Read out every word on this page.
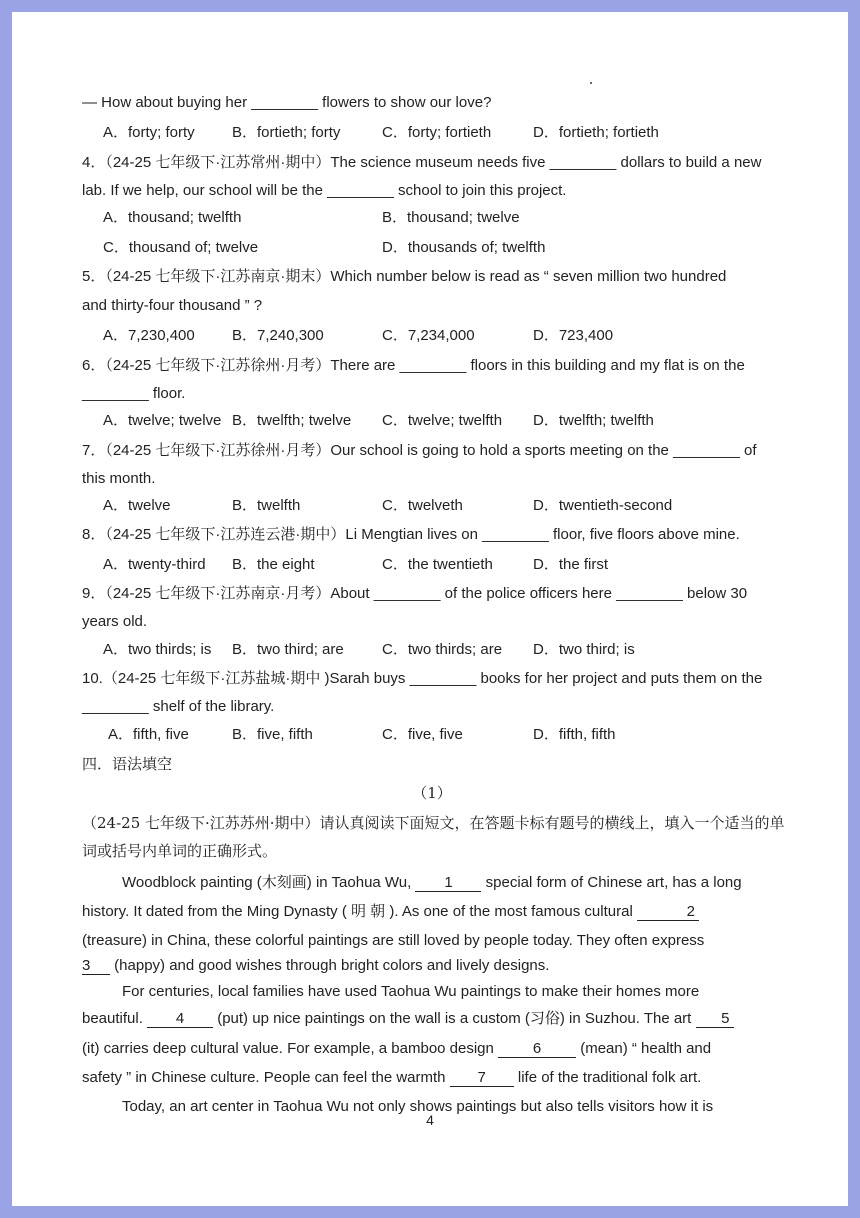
— How about buying her ________ flowers to show our love?
A．forty; forty B．fortieth; forty	C．forty; fortieth	D．fortieth; fortieth
4．（24-25 七年级下·江苏常州·期中）The science museum needs five ________ dollars to build a new
lab. If we help, our school will be the ________ school to join this project.
A．thousand; twelfth	B．thousand; twelve
C．thousand of; twelve	D．thousands of; twelfth
5．（24-25 七年级下·江苏南京·期末）Which number below is read as “ seven million two hundred
and thirty-four thousand ” ?
A．7,230,400 B．7,240,300	C．7,234,000	D．723,400
6．（24-25 七年级下·江苏徐州·月考）There are ________ floors in this building and my flat is on the
________ floor.
A．twelve; twelve B．twelfth; twelve C．twelve; twelfth D．twelfth; twelfth
7．（24-25 七年级下·江苏徐州·月考）Our school is going to hold a sports meeting on the ________ of
this month.
A．twelve	B．twelfth	C．twelveth	D．twentieth-second
8．（24-25 七年级下·江苏连云港·期中）Li Mengtian lives on ________ floor, five floors above mine.
A．twenty-third B．the eight	C．the twentieth	D．the first
9．（24-25 七年级下·江苏南京·月考）About ________ of the police officers here ________ below 30
years old.
A．two thirds; is B．two third; are	C．two thirds; are D．two third; is
10.（24-25 七年级下·江苏盐城·期中 )Sarah buys ________ books for her project and puts them on the
________ shelf of the library.
A．fifth, five	B．five, fifth	C．five, five	D．fifth, fifth
四．语法填空
（1）
（24-25 七年级下·江苏苏州·期中）请认真阅读下面短文，在答题卡标有题号的横线上，填入一个适当的单
词或括号内单词的正确形式。
Woodblock painting (木刻画) in Taohua Wu, 1 special form of Chinese art, has a long
history. It dated from the Ming Dynasty ( 明 朝 ). As one of the most famous cultural	2
(treasure) in China, these colorful paintings are still loved by people today. They often express
3 (happy) and good wishes through bright colors and lively designs.
For centuries, local families have used Taohua Wu paintings to make their homes more
beautiful. 4 (put) up nice paintings on the wall is a custom (习俗) in Suzhou. The art 5
(it) carries deep cultural value. For example, a bamboo design 6 (mean) “ health and
safety ” in Chinese culture. People can feel the warmth 7 life of the traditional folk art.
Today, an art center in Taohua Wu not only shows paintings but also tells visitors how it is
4
